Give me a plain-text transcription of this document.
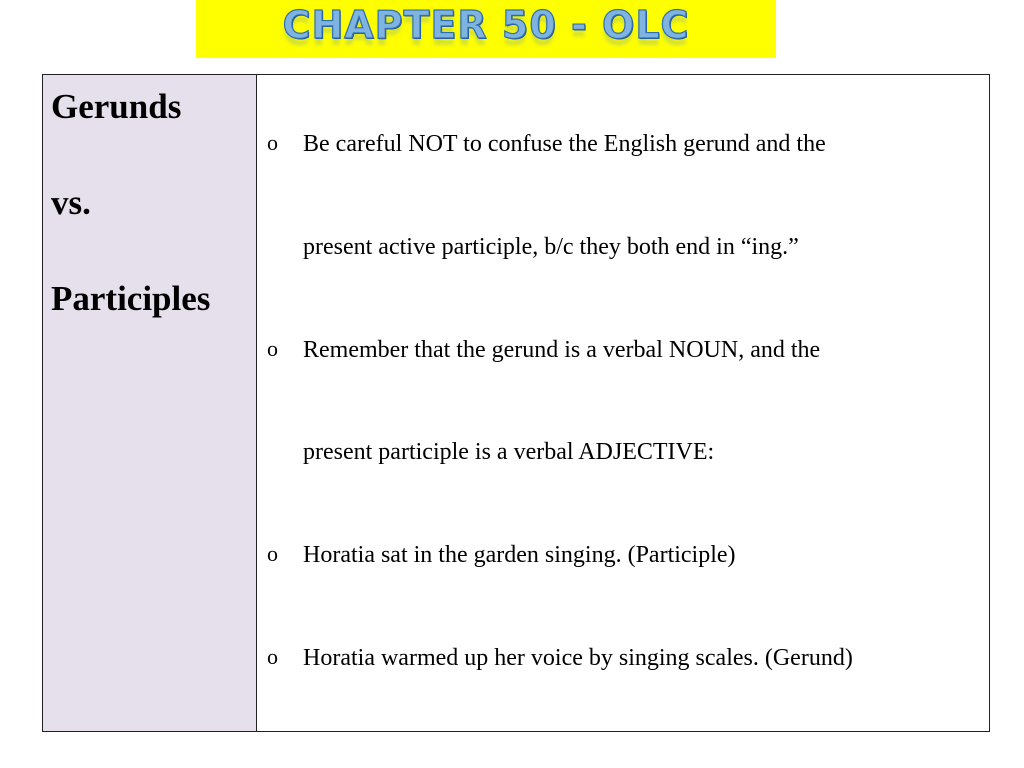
CHAPTER 50 - OLC
Gerunds
vs.
Participles
o Be careful NOT to confuse the English gerund and the
present active participle, b/c they both end in “ing.”
o Remember that the gerund is a verbal NOUN, and the
present participle is a verbal ADJECTIVE:
o Horatia sat in the garden singing. (Participle)
o Horatia warmed up her voice by singing scales. (Gerund)
